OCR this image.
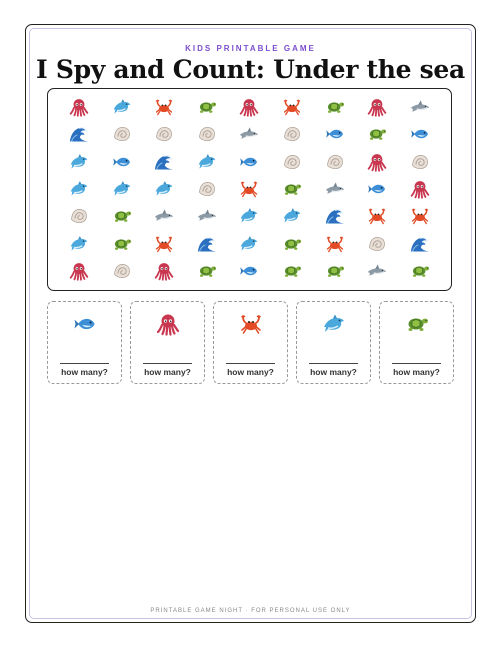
KIDS PRINTABLE GAME
I Spy and Count: Under the sea
how many?	how many?	how many?	how many?	how many?
PRINTABLE GAME NIGHT · FOR PERSONAL USE ONLY
